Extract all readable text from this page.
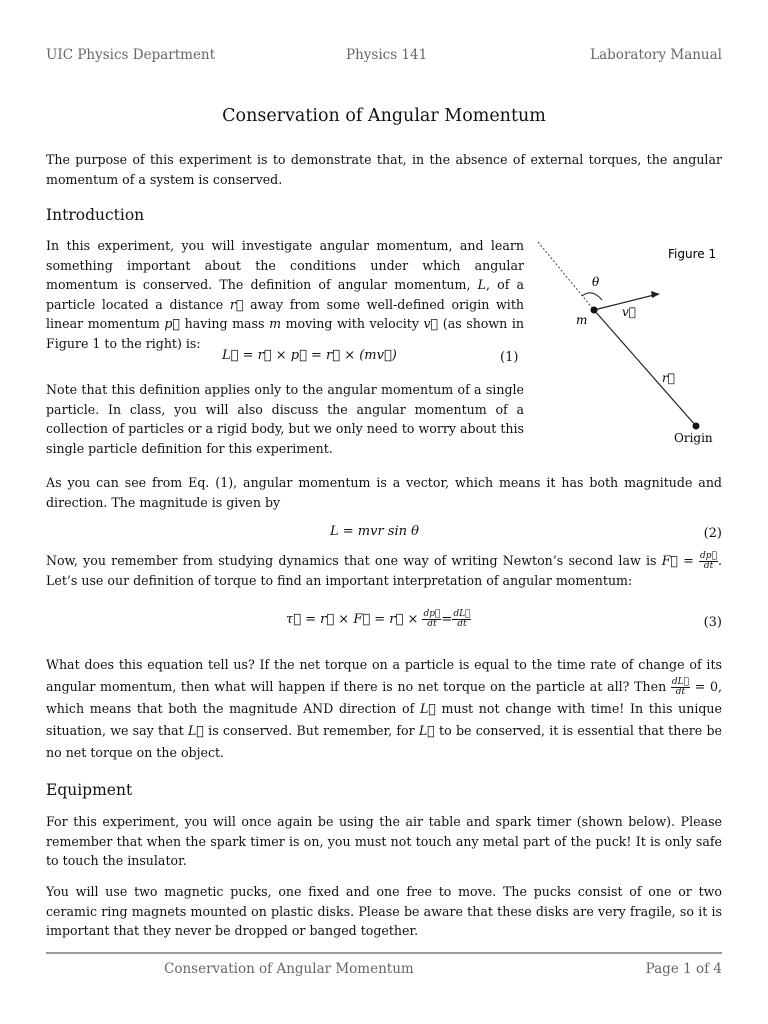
UIC Physics Department	Physics 141	Laboratory Manual
Conservation of Angular Momentum

The purpose of this experiment is to demonstrate that, in the absence of external torques, the angular momentum of a system is conserved.

Introduction

In this experiment, you will investigate angular momentum, and learn something important about the conditions under which angular momentum is conserved. The definition of angular momentum, L, of a particle located a distance r⃗ away from some well-defined origin with linear momentum p⃗ having mass m moving with velocity v⃗ (as shown in Figure 1 to the right) is:

L⃗ = r⃗ × p⃗ = r⃗ × (mv⃗)	(1)

Note that this definition applies only to the angular momentum of a single particle. In class, you will also discuss the angular momentum of a collection of particles or a rigid body, but we only need to worry about this single particle definition for this experiment.

Figure 1
θ
m
v⃗
r⃗
Origin

As you can see from Eq. (1), angular momentum is a vector, which means it has both magnitude and direction. The magnitude is given by

L = mvr sin θ	(2)

Now, you remember from studying dynamics that one way of writing Newton’s second law is F⃗ = $\frac{dp⃗}{dt}$ . Let’s use our definition of torque to find an important interpretation of angular momentum:

τ⃗ = r⃗ × F⃗ = r⃗ × $\frac{dp⃗}{dt} = \frac{dL⃗}{dt}$	(3)

What does this equation tell us? If the net torque on a particle is equal to the time rate of change of its angular momentum, then what will happen if there is no net torque on the particle at all? Then $\frac{dL⃗}{dt} = 0$, which means that both the magnitude AND direction of L⃗ must not change with time! In this unique situation, we say that L⃗ is conserved. But remember, for L⃗ to be conserved, it is essential that there be no net torque on the object.

Equipment

For this experiment, you will once again be using the air table and spark timer (shown below). Please remember that when the spark timer is on, you must not touch any metal part of the puck! It is only safe to touch the insulator.

You will use two magnetic pucks, one fixed and one free to move. The pucks consist of one or two ceramic ring magnets mounted on plastic disks. Please be aware that these disks are very fragile, so it is important that they never be dropped or banged together.

Conservation of Angular Momentum	Page 1 of 4
